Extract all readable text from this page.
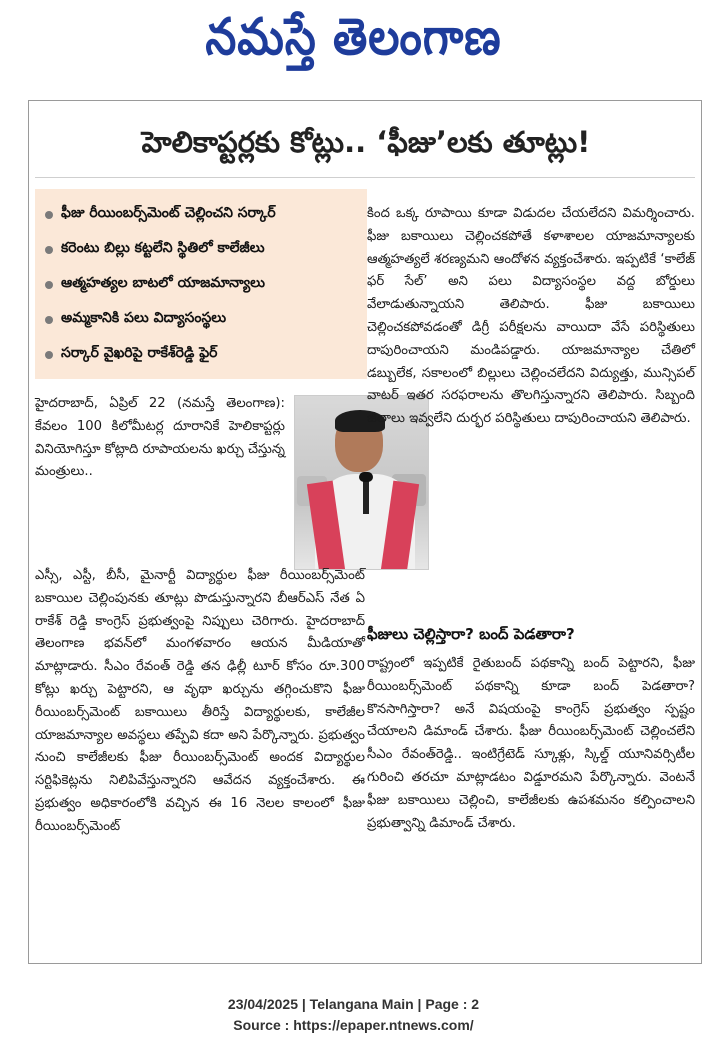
నమస్తే తెలంగాణ
హెలికాప్టర్లకు కోట్లు.. ‘ఫీజు’లకు తూట్లు!
ఫీజు రీయింబర్స్‌మెంట్ చెల్లించని సర్కార్
కరెంటు బిల్లు కట్టలేని స్థితిలో కాలేజీలు
ఆత్మహత్యల బాటలో యాజమాన్యాలు
అమ్మకానికి పలు విద్యాసంస్థలు
సర్కార్ వైఖరిపై రాకేశ్‌రెడ్డి ఫైర్
హైదరాబాద్, ఏప్రిల్ 22 (నమస్తే తెలంగాణ): కేవలం 100 కిలోమీటర్ల దూరానికే హెలికాప్టర్లు వినియోగిస్తూ కోట్లాది రూపాయలను ఖర్చు చేస్తున్న మంత్రులు..
ఎస్సీ, ఎస్టీ, బీసీ, మైనార్టీ విద్యార్థుల ఫీజు రీయింబర్స్‌మెంట్ బకాయిల చెల్లింపునకు తూట్లు పొడుస్తున్నారని బీఆర్‌ఎస్ నేత ఏ రాకేశ్ రెడ్డి కాంగ్రెస్ ప్రభుత్వంపై నిప్పులు చెరిగారు. హైదరాబాద్ తెలంగాణ భవన్‌లో మంగళవారం ఆయన మీడియాతో మాట్లాడారు. సీఎం రేవంత్ రెడ్డి తన ఢిల్లీ టూర్ కోసం రూ.300 కోట్లు ఖర్చు పెట్టారని, ఆ వృథా ఖర్చును తగ్గించుకొని ఫీజు రీయింబర్స్‌మెంట్ బకాయిలు తీరిస్తే విద్యార్థులకు, కాలేజీల యాజమాన్యాల అవస్థలు తప్పేవి కదా అని పేర్కొన్నారు. ప్రభుత్వం నుంచి కాలేజీలకు ఫీజు రీయింబర్స్‌మెంట్ అందక విద్యార్థుల సర్టిఫికెట్లను నిలిపివేస్తున్నారని ఆవేదన వ్యక్తంచేశారు. ఈ ప్రభుత్వం అధికారంలోకి వచ్చిన ఈ 16 నెలల కాలంలో ఫీజు రీయింబర్స్‌మెంట్
కింద ఒక్క రూపాయి కూడా విడుదల చేయలేదని విమర్శించారు. ఫీజు బకాయిలు చెల్లించకపోతే కళాశాలల యాజమాన్యాలకు ఆత్మహత్యలే శరణ్యమని ఆందోళన వ్యక్తంచేశారు. ఇప్పటికే ‘కాలేజ్ ఫర్ సేల్’ అని పలు విద్యాసంస్థల వద్ద బోర్డులు వేలాడుతున్నాయని తెలిపారు. ఫీజు బకాయిలు చెల్లించకపోవడంతో డిగ్రీ పరీక్షలను వాయిదా వేసే పరిస్థితులు దాపురించాయని మండిపడ్డారు. యాజమాన్యాల చేతిలో డబ్బులేక, సకాలంలో బిల్లులు చెల్లించలేదని విద్యుత్తు, మున్సిపల్ వాటర్ ఇతర సరఫరాలను తొలగిస్తున్నారని తెలిపారు. సిబ్బంది జీతాలు ఇవ్వలేని దుర్భర పరిస్థితులు దాపురించాయని తెలిపారు.
ఫీజులు చెల్లిస్తారా? బంద్ పెడతారా?
రాష్ట్రంలో ఇప్పటికే రైతుబంద్ పథకాన్ని బంద్ పెట్టారని, ఫీజు రీయింబర్స్‌మెంట్ పథకాన్ని కూడా బంద్ పెడతారా? కొనసాగిస్తారా? అనే విషయంపై కాంగ్రెస్ ప్రభుత్వం స్పష్టం చేయాలని డిమాండ్ చేశారు. ఫీజు రీయింబర్స్‌మెంట్ చెల్లించలేని సీఎం రేవంత్‌రెడ్డి.. ఇంటిగ్రేటెడ్ స్కూళ్లు, స్కిల్డ్ యూనివర్సిటీల గురించి తరచూ మాట్లాడటం విడ్డూరమని పేర్కొన్నారు. వెంటనే ఫీజు బకాయిలు చెల్లించి, కాలేజీలకు ఉపశమనం కల్పించాలని ప్రభుత్వాన్ని డిమాండ్ చేశారు.
23/04/2025 | Telangana Main | Page : 2
Source : https://epaper.ntnews.com/
